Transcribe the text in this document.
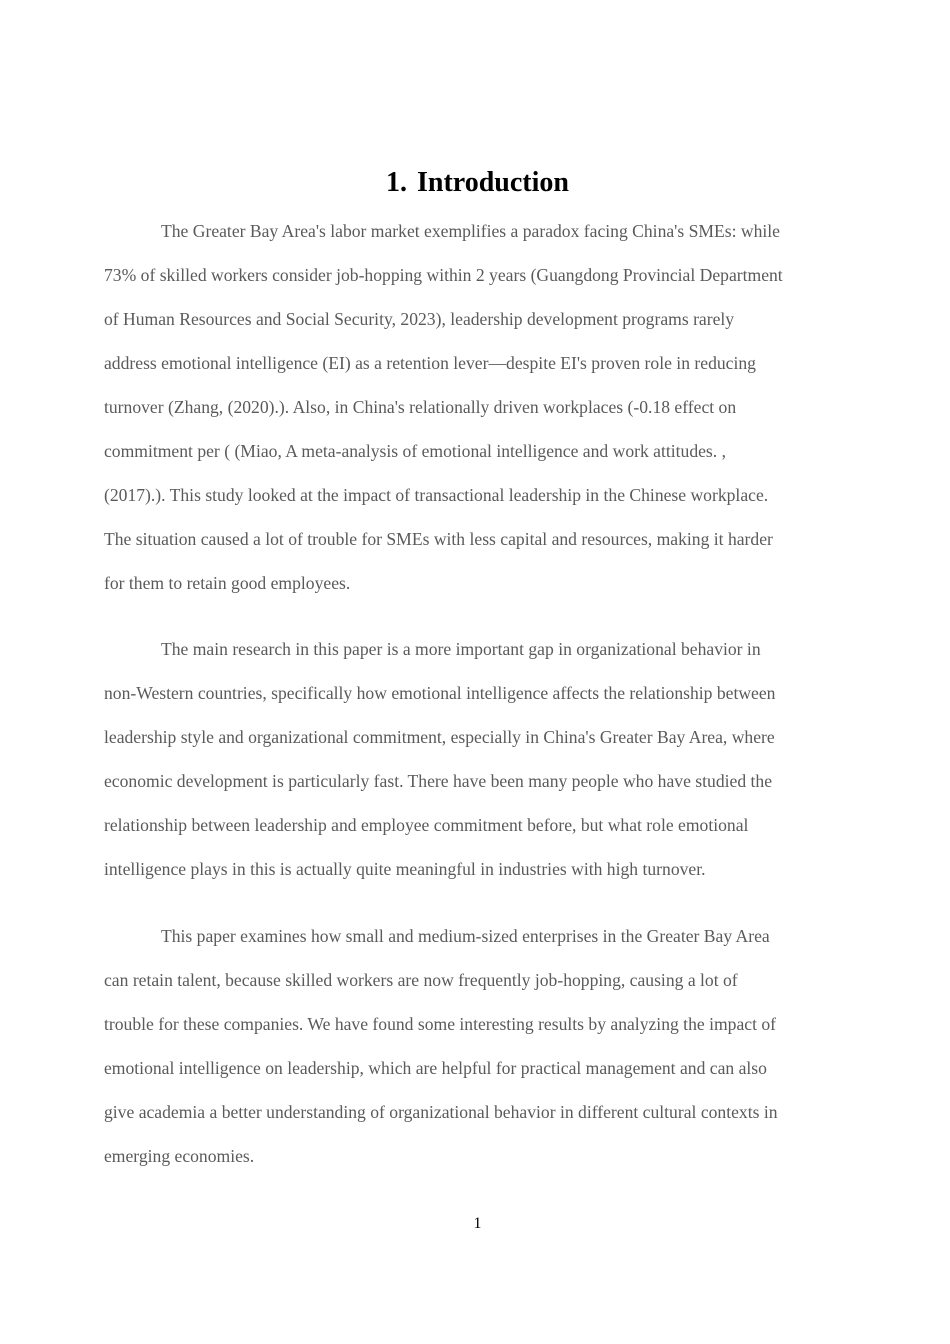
1. Introduction
The Greater Bay Area's labor market exemplifies a paradox facing China's SMEs: while
73% of skilled workers consider job-hopping within 2 years (Guangdong Provincial Department
of Human Resources and Social Security, 2023), leadership development programs rarely
address emotional intelligence (EI) as a retention lever—despite EI's proven role in reducing
turnover (Zhang, (2020).). Also, in China's relationally driven workplaces (-0.18 effect on
commitment per ( (Miao, A meta-analysis of emotional intelligence and work attitudes. ,
(2017).). This study looked at the impact of transactional leadership in the Chinese workplace.
The situation caused a lot of trouble for SMEs with less capital and resources, making it harder
for them to retain good employees.
The main research in this paper is a more important gap in organizational behavior in
non-Western countries, specifically how emotional intelligence affects the relationship between
leadership style and organizational commitment, especially in China's Greater Bay Area, where
economic development is particularly fast. There have been many people who have studied the
relationship between leadership and employee commitment before, but what role emotional
intelligence plays in this is actually quite meaningful in industries with high turnover.
This paper examines how small and medium-sized enterprises in the Greater Bay Area
can retain talent, because skilled workers are now frequently job-hopping, causing a lot of
trouble for these companies. We have found some interesting results by analyzing the impact of
emotional intelligence on leadership, which are helpful for practical management and can also
give academia a better understanding of organizational behavior in different cultural contexts in
emerging economies.
1
